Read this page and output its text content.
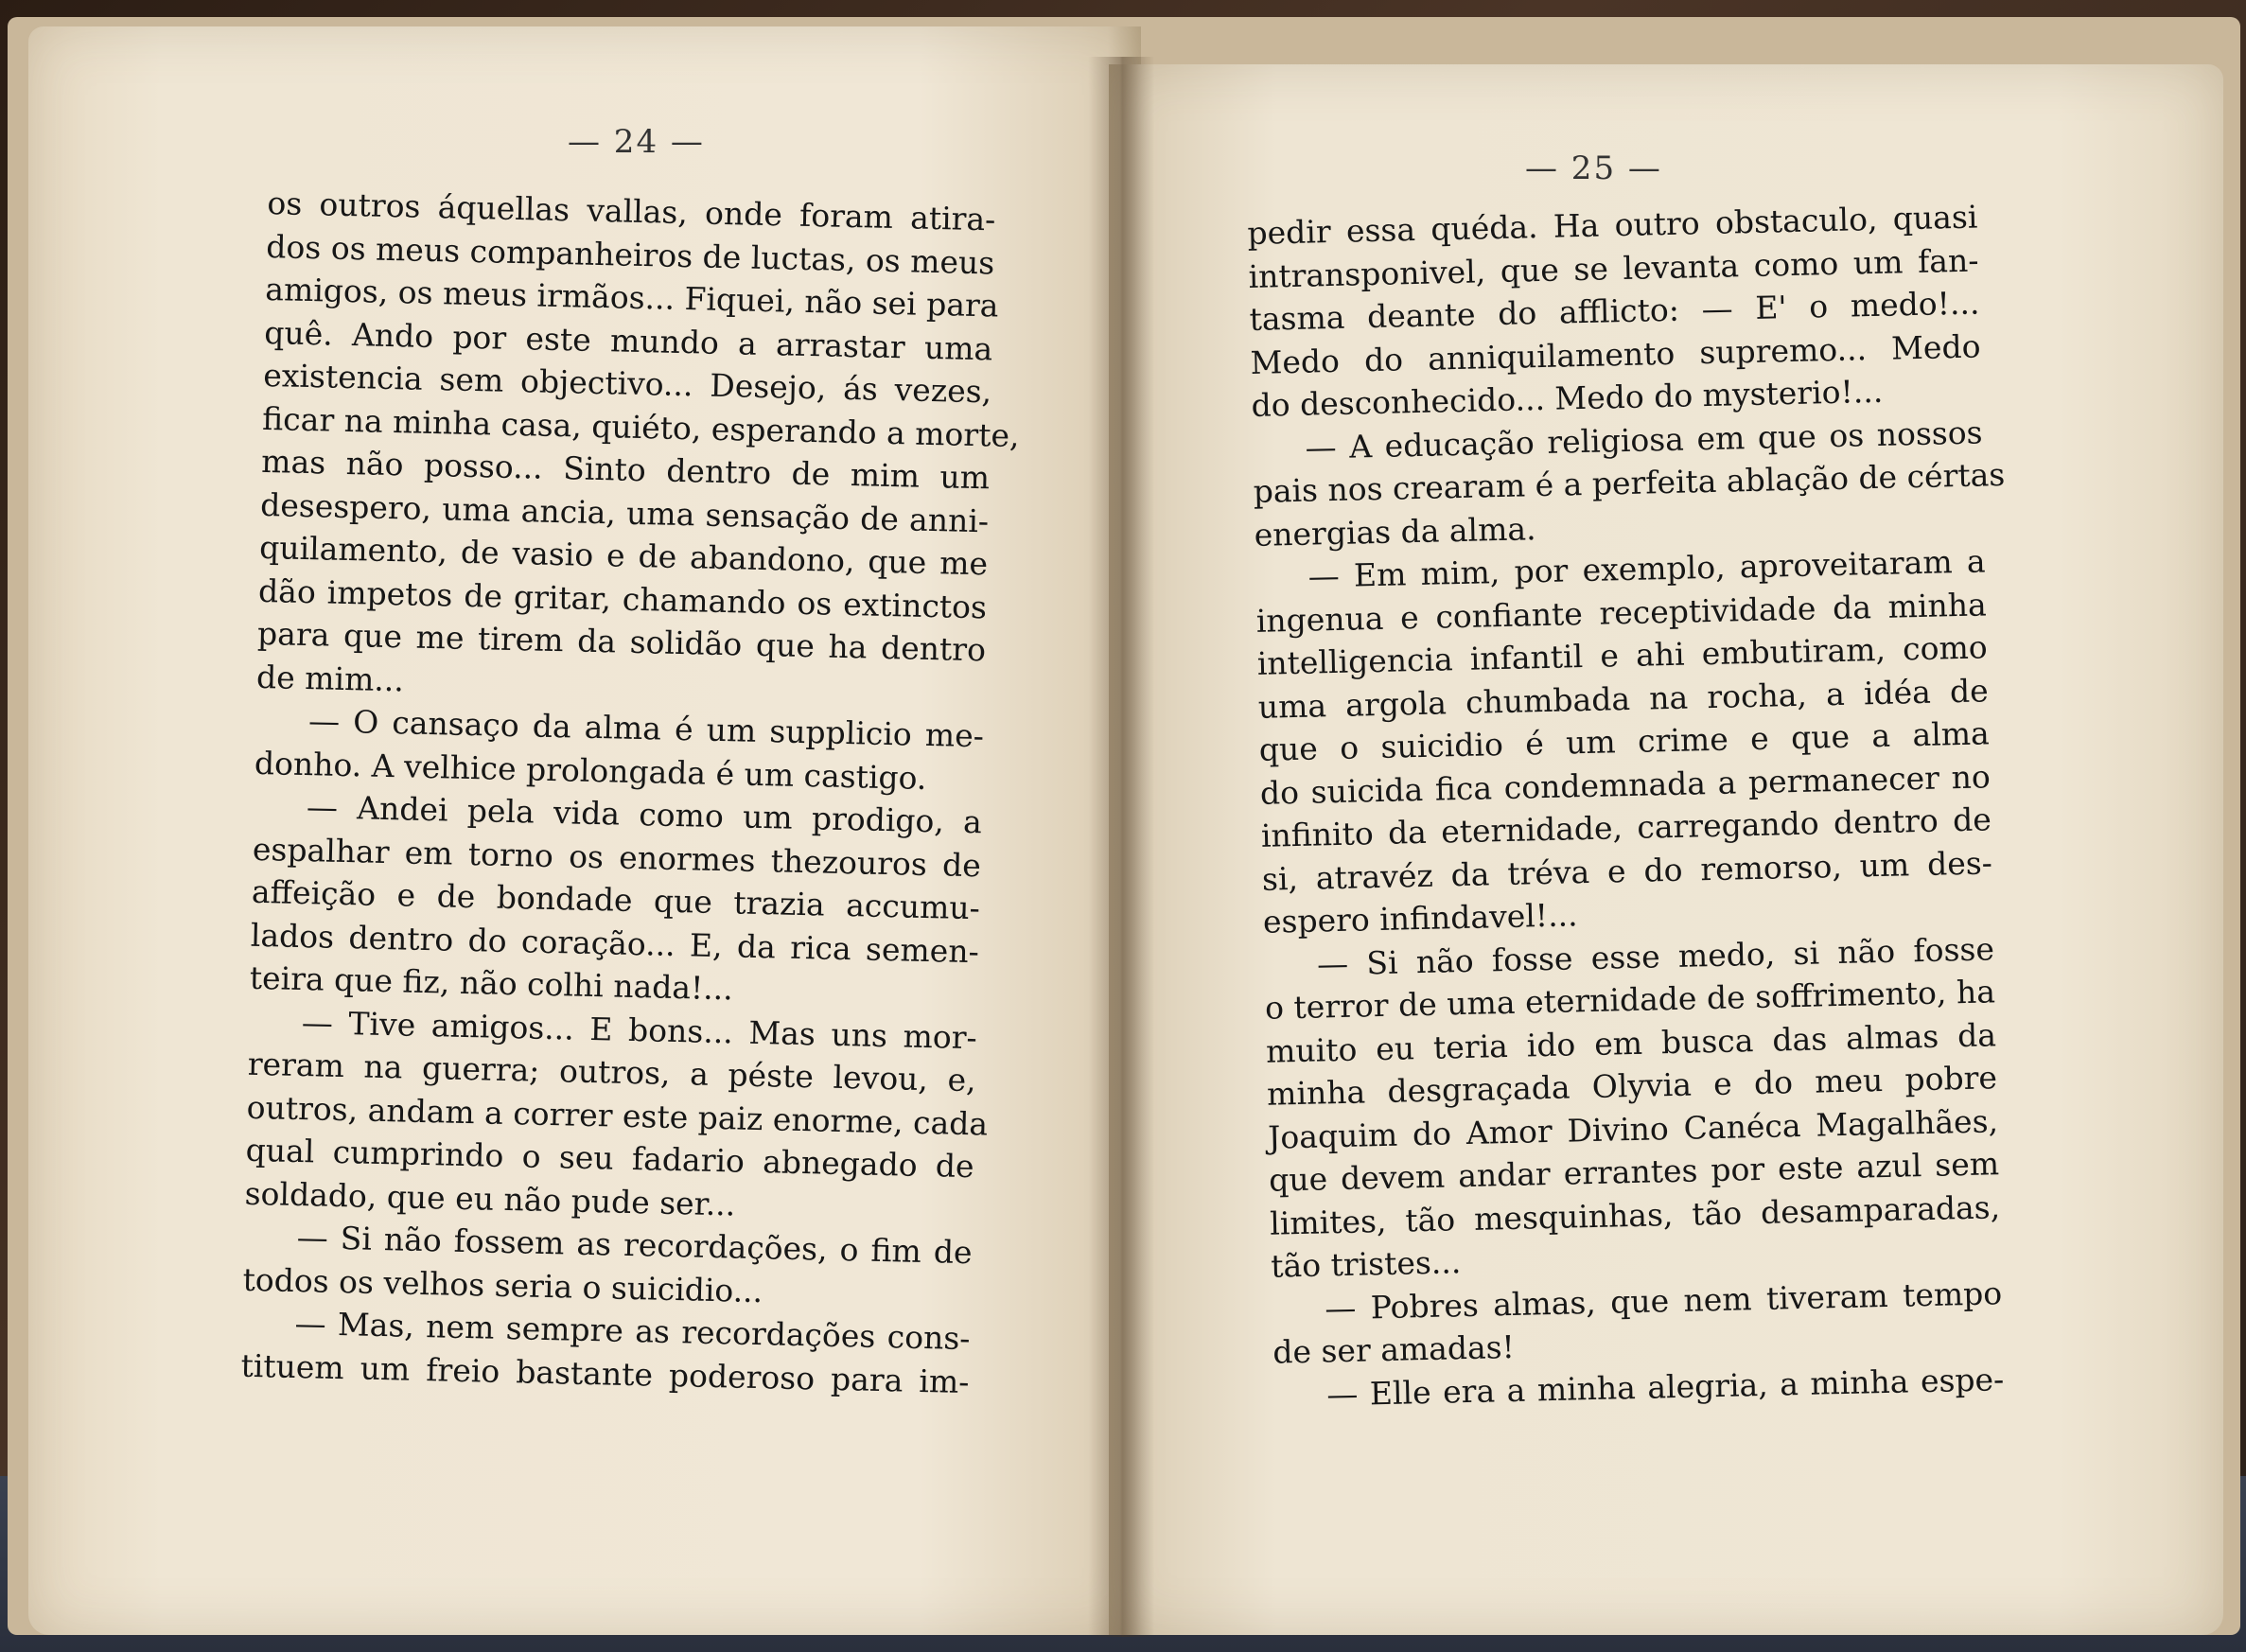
— 24 —
— 25 —
os outros áquellas vallas, onde foram atira-
dos os meus companheiros de luctas, os meus
amigos, os meus irmãos... Fiquei, não sei para
quê. Ando por este mundo a arrastar uma
existencia sem objectivo... Desejo, ás vezes,
ficar na minha casa, quiéto, esperando a morte,
mas não posso... Sinto dentro de mim um
desespero, uma ancia, uma sensação de anni-
quilamento, de vasio e de abandono, que me
dão impetos de gritar, chamando os extinctos
para que me tirem da solidão que ha dentro
de mim...
— O cansaço da alma é um supplicio me-
donho. A velhice prolongada é um castigo.
— Andei pela vida como um prodigo, a
espalhar em torno os enormes thezouros de
affeição e de bondade que trazia accumu-
lados dentro do coração... E, da rica semen-
teira que fiz, não colhi nada!...
— Tive amigos... E bons... Mas uns mor-
reram na guerra; outros, a péste levou, e,
outros, andam a correr este paiz enorme, cada
qual cumprindo o seu fadario abnegado de
soldado, que eu não pude ser...
— Si não fossem as recordações, o fim de
todos os velhos seria o suicidio...
— Mas, nem sempre as recordações cons-
tituem um freio bastante poderoso para im-
pedir essa quéda. Ha outro obstaculo, quasi
intransponivel, que se levanta como um fan-
tasma deante do afflicto: — E' o medo!...
Medo do anniquilamento supremo... Medo
do desconhecido... Medo do mysterio!...
— A educação religiosa em que os nossos
pais nos crearam é a perfeita ablação de cértas
energias da alma.
— Em mim, por exemplo, aproveitaram a
ingenua e confiante receptividade da minha
intelligencia infantil e ahi embutiram, como
uma argola chumbada na rocha, a idéa de
que o suicidio é um crime e que a alma
do suicida fica condemnada a permanecer no
infinito da eternidade, carregando dentro de
si, atravéz da tréva e do remorso, um des-
espero infindavel!...
— Si não fosse esse medo, si não fosse
o terror de uma eternidade de soffrimento, ha
muito eu teria ido em busca das almas da
minha desgraçada Olyvia e do meu pobre
Joaquim do Amor Divino Canéca Magalhães,
que devem andar errantes por este azul sem
limites, tão mesquinhas, tão desamparadas,
tão tristes...
— Pobres almas, que nem tiveram tempo
de ser amadas!
— Elle era a minha alegria, a minha espe-
